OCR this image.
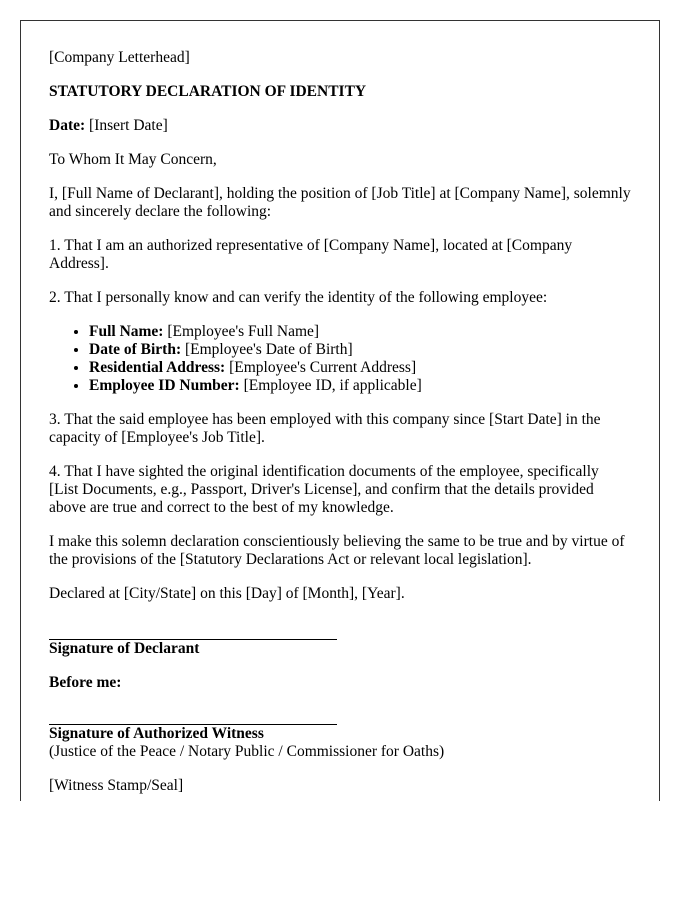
[Company Letterhead]

STATUTORY DECLARATION OF IDENTITY

Date: [Insert Date]

To Whom It May Concern,

I, [Full Name of Declarant], holding the position of [Job Title] at [Company Name], solemnly and sincerely declare the following:

1. That I am an authorized representative of [Company Name], located at [Company Address].

2. That I personally know and can verify the identity of the following employee:

• Full Name: [Employee's Full Name]
• Date of Birth: [Employee's Date of Birth]
• Residential Address: [Employee's Current Address]
• Employee ID Number: [Employee ID, if applicable]

3. That the said employee has been employed with this company since [Start Date] in the capacity of [Employee's Job Title].

4. That I have sighted the original identification documents of the employee, specifically [List Documents, e.g., Passport, Driver's License], and confirm that the details provided above are true and correct to the best of my knowledge.

I make this solemn declaration conscientiously believing the same to be true and by virtue of the provisions of the [Statutory Declarations Act or relevant local legislation].

Declared at [City/State] on this [Day] of [Month], [Year].

Signature of Declarant

Before me:

Signature of Authorized Witness

(Justice of the Peace / Notary Public / Commissioner for Oaths)

[Witness Stamp/Seal]
